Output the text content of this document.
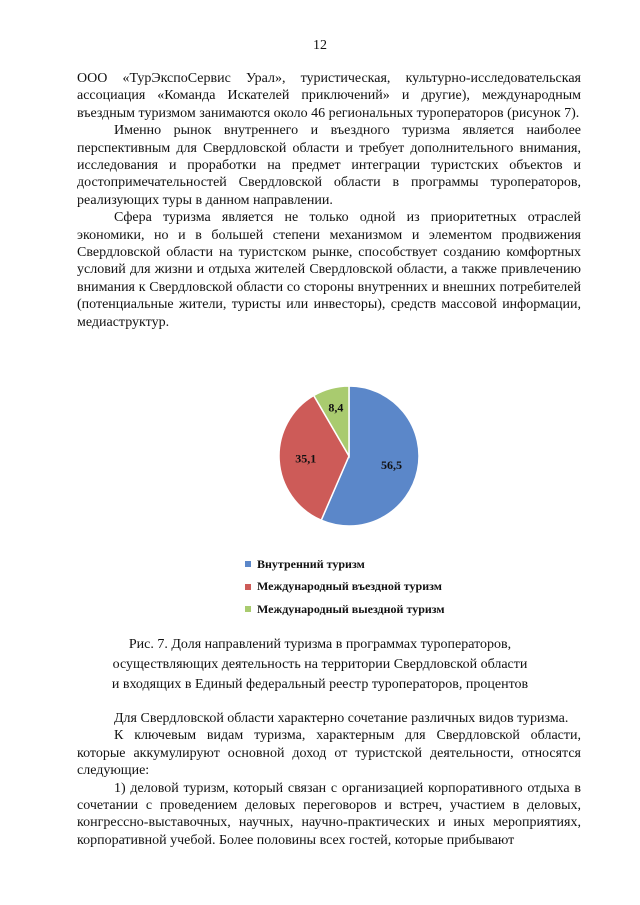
12

ООО «ТурЭкспоСервис Урал», туристическая, культурно-исследовательская ассоциация «Команда Искателей приключений» и другие), международным въездным туризмом занимаются около 46 региональных туроператоров (рисунок 7).

Именно рынок внутреннего и въездного туризма является наиболее перспективным для Свердловской области и требует дополнительного внимания, исследования и проработки на предмет интеграции туристских объектов и достопримечательностей Свердловской области в программы туроператоров, реализующих туры в данном направлении.

Сфера туризма является не только одной из приоритетных отраслей экономики, но и в большей степени механизмом и элементом продвижения Свердловской области на туристском рынке, способствует созданию комфортных условий для жизни и отдыха жителей Свердловской области, а также привлечению внимания к Свердловской области со стороны внутренних и внешних потребителей (потенциальные жители, туристы или инвесторы), средств массовой информации, медиаструктур.

56,5
35,1
8,4
Внутренний туризм
Международный въездной туризм
Международный выездной туризм
Рис. 7. Доля направлений туризма в программах туроператоров,
осуществляющих деятельность на территории Свердловской области
и входящих в Единый федеральный реестр туроператоров, процентов

Для Свердловской области характерно сочетание различных видов туризма.

К ключевым видам туризма, характерным для Свердловской области, которые аккумулируют основной доход от туристской деятельности, относятся следующие:

1) деловой туризм, который связан с организацией корпоративного отдыха в сочетании с проведением деловых переговоров и встреч, участием в деловых, конгрессно-выставочных, научных, научно-практических и иных мероприятиях, корпоративной учебой. Более половины всех гостей, которые прибывают
